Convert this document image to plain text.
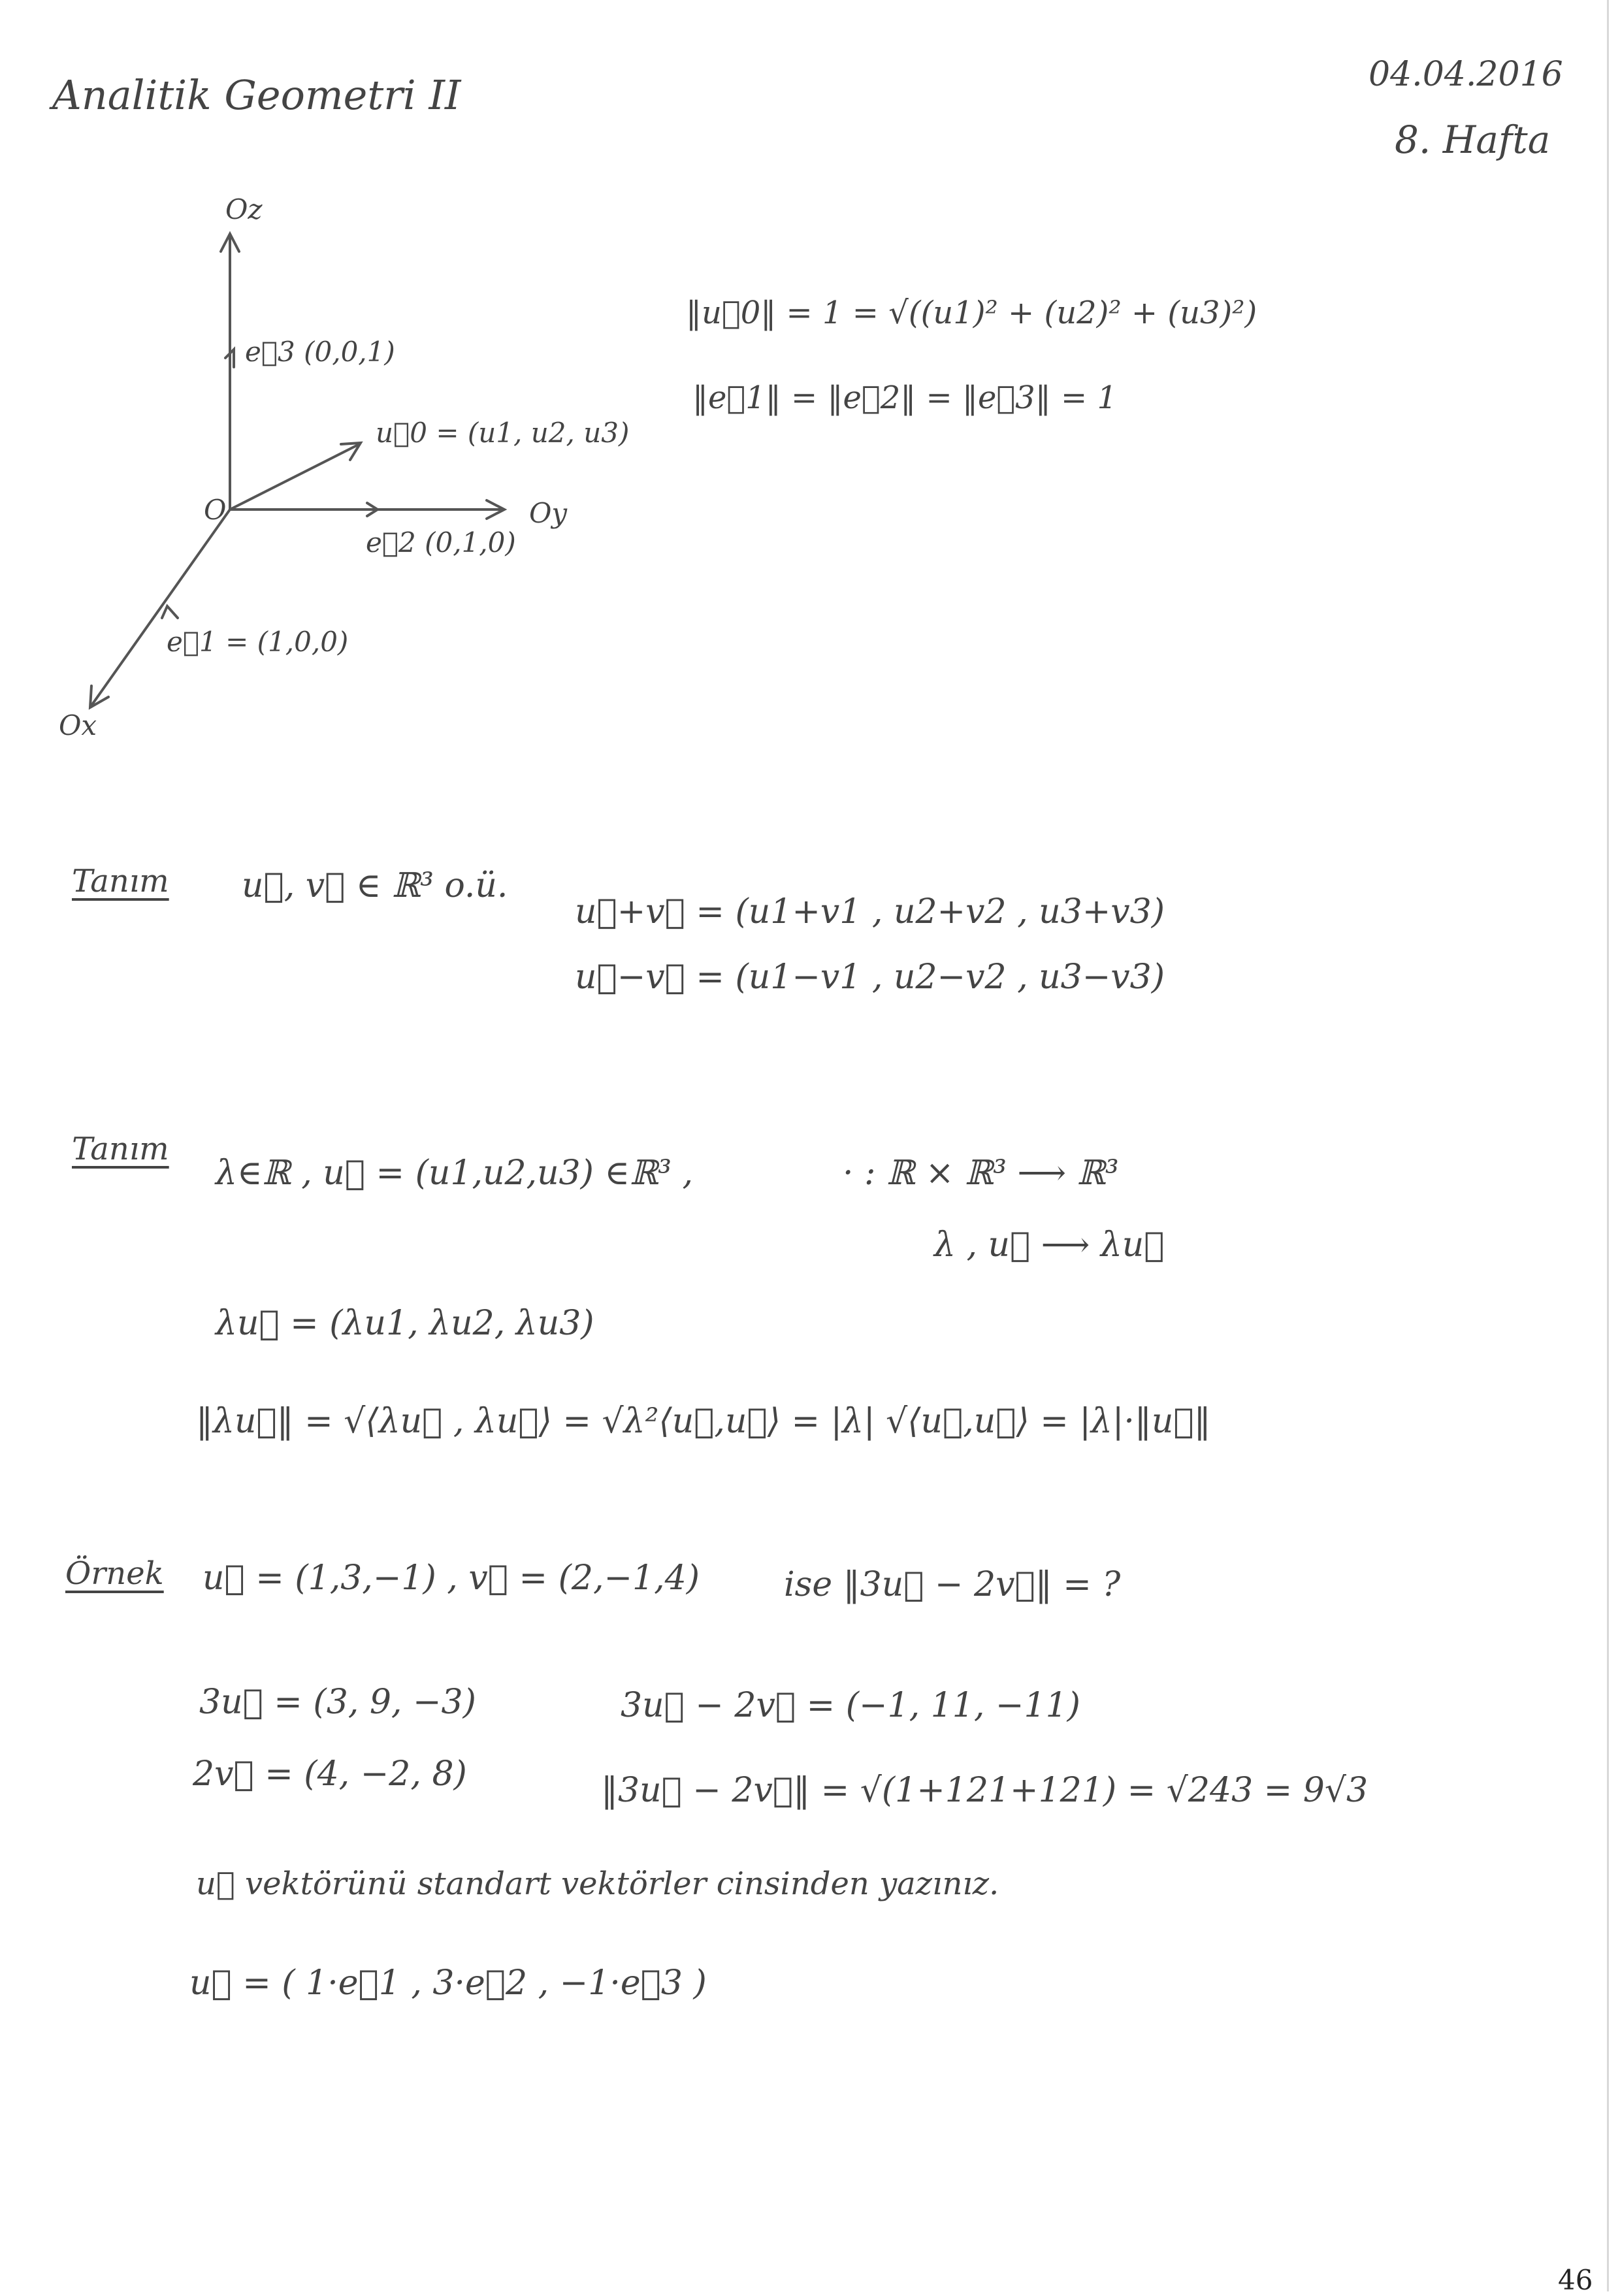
Analitik Geometri II	04.04.2016
8. Hafta
Oz
Oy
Ox
O
e⃗3 (0,0,1)
u⃗0 = (u1, u2, u3)
e⃗2 (0,1,0)
e⃗1 = (1,0,0)
‖u⃗0‖ = 1 = √((u1)² + (u2)² + (u3)²)
‖e⃗1‖ = ‖e⃗2‖ = ‖e⃗3‖ = 1
Tanım u⃗, v⃗ ∈ ℝ³ o.ü.
u⃗+v⃗ = (u1+v1 , u2+v2 , u3+v3)
u⃗−v⃗ = (u1−v1 , u2−v2 , u3−v3)
Tanım
λ∈ℝ , u⃗ = (u1,u2,u3) ∈ℝ³ ,	· : ℝ × ℝ³ ⟶ ℝ³
λ , u⃗ ⟶ λu⃗
λu⃗ = (λu1, λu2, λu3)
‖λu⃗‖ = √⟨λu⃗ , λu⃗⟩ = √λ²⟨u⃗,u⃗⟩ = |λ| √⟨u⃗,u⃗⟩ = |λ|·‖u⃗‖
Örnek u⃗ = (1,3,−1) , v⃗ = (2,−1,4) ise ‖3u⃗ − 2v⃗‖ = ?
3u⃗ = (3, 9, −3)
2v⃗ = (4, −2, 8)
3u⃗ − 2v⃗ = (−1, 11, −11)
‖3u⃗ − 2v⃗‖ = √(1+121+121) = √243 = 9√3
u⃗ vektörünü standart vektörler cinsinden yazınız.
u⃗ = ( 1·e⃗1 , 3·e⃗2 , −1·e⃗3 )
46
